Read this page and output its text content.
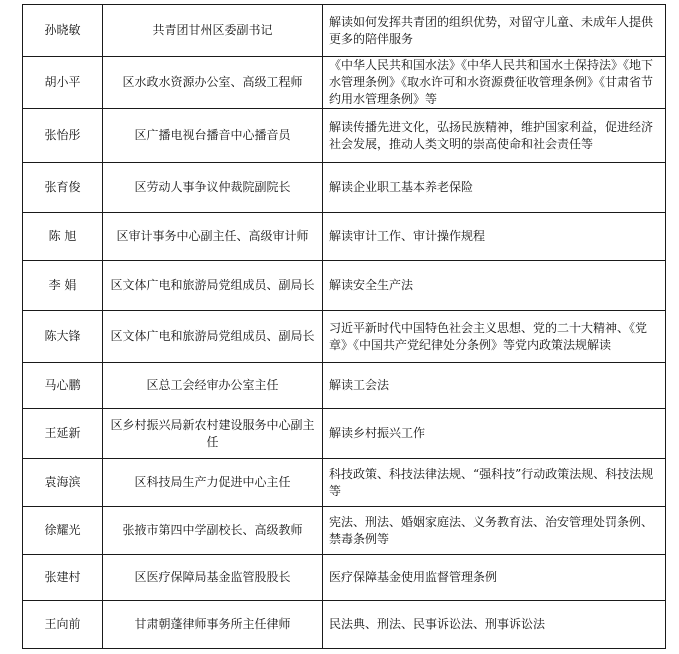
孙晓敏	共青团甘州区委副书记	解读如何发挥共青团的组织优势，对留守儿童、未成年人提供更多的陪伴服务
胡小平	区水政水资源办公室、高级工程师	《中华人民共和国水法》《中华人民共和国水土保持法》《地下水管理条例》《取水许可和水资源费征收管理条例》《甘肃省节约用水管理条例》等
张怡彤	区广播电视台播音中心播音员	解读传播先进文化，弘扬民族精神，维护国家利益，促进经济社会发展，推动人类文明的崇高使命和社会责任等
张育俊	区劳动人事争议仲裁院副院长	解读企业职工基本养老保险
陈 旭	区审计事务中心副主任、高级审计师	解读审计工作、审计操作规程
李 娟	区文体广电和旅游局党组成员、副局长	解读安全生产法
陈大锋	区文体广电和旅游局党组成员、副局长	习近平新时代中国特色社会主义思想、党的二十大精神、《党章》《中国共产党纪律处分条例》等党内政策法规解读
马心鹏	区总工会经审办公室主任	解读工会法
王延新	区乡村振兴局新农村建设服务中心副主任	解读乡村振兴工作
袁海滨	区科技局生产力促进中心主任	科技政策、科技法律法规、“强科技”行动政策法规、科技法规等
徐耀光	张掖市第四中学副校长、高级教师	宪法、刑法、婚姻家庭法、义务教育法、治安管理处罚条例、禁毒条例等
张建村	区医疗保障局基金监管股股长	医疗保障基金使用监督管理条例
王向前	甘肃朝蓬律师事务所主任律师	民法典、刑法、民事诉讼法、刑事诉讼法
